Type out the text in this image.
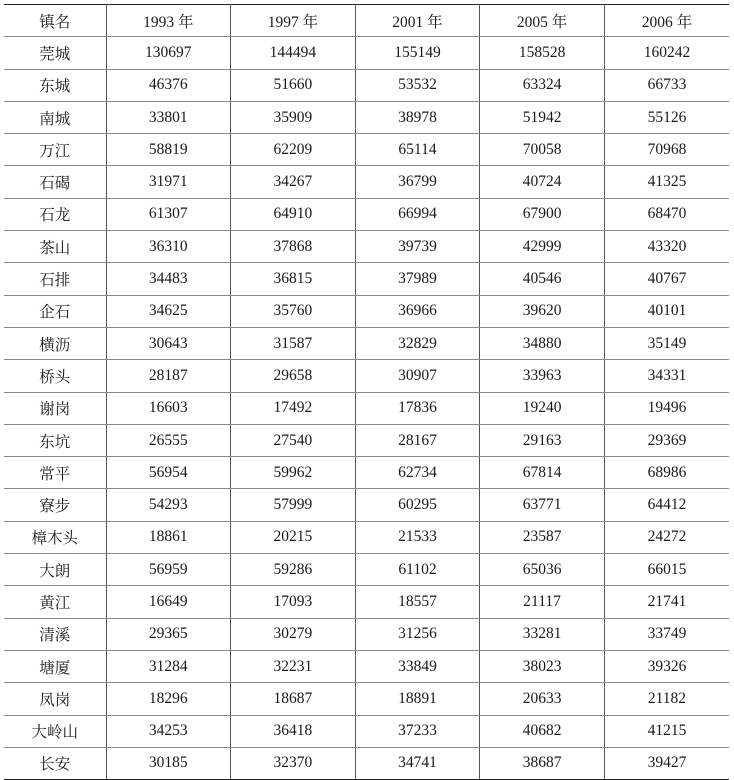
镇名	1993 年	1997 年	2001 年	2005 年	2006 年
莞城	130697	144494	155149	158528	160242
东城	46376	51660	53532	63324	66733
南城	33801	35909	38978	51942	55126
万江	58819	62209	65114	70058	70968
石碣	31971	34267	36799	40724	41325
石龙	61307	64910	66994	67900	68470
茶山	36310	37868	39739	42999	43320
石排	34483	36815	37989	40546	40767
企石	34625	35760	36966	39620	40101
横沥	30643	31587	32829	34880	35149
桥头	28187	29658	30907	33963	34331
谢岗	16603	17492	17836	19240	19496
东坑	26555	27540	28167	29163	29369
常平	56954	59962	62734	67814	68986
寮步	54293	57999	60295	63771	64412
樟木头	18861	20215	21533	23587	24272
大朗	56959	59286	61102	65036	66015
黄江	16649	17093	18557	21117	21741
清溪	29365	30279	31256	33281	33749
塘厦	31284	32231	33849	38023	39326
凤岗	18296	18687	18891	20633	21182
大岭山	34253	36418	37233	40682	41215
长安	30185	32370	34741	38687	39427
